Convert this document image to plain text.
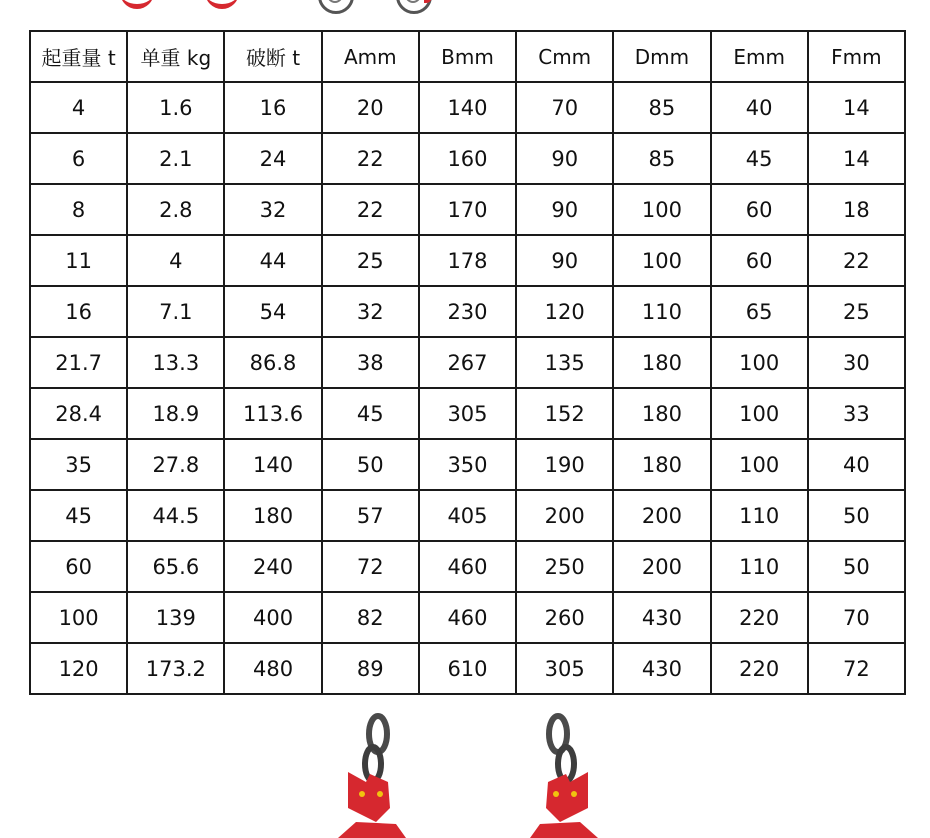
起重量 t	单重 kg	破断 t	Amm	Bmm	Cmm	Dmm	Emm	Fmm
4	1.6	16	20	140	70	85	40	14
6	2.1	24	22	160	90	85	45	14
8	2.8	32	22	170	90	100	60	18
11	4	44	25	178	90	100	60	22
16	7.1	54	32	230	120	110	65	25
21.7	13.3	86.8	38	267	135	180	100	30
28.4	18.9	113.6	45	305	152	180	100	33
35	27.8	140	50	350	190	180	100	40
45	44.5	180	57	405	200	200	110	50
60	65.6	240	72	460	250	200	110	50
100	139	400	82	460	260	430	220	70
120	173.2	480	89	610	305	430	220	72
